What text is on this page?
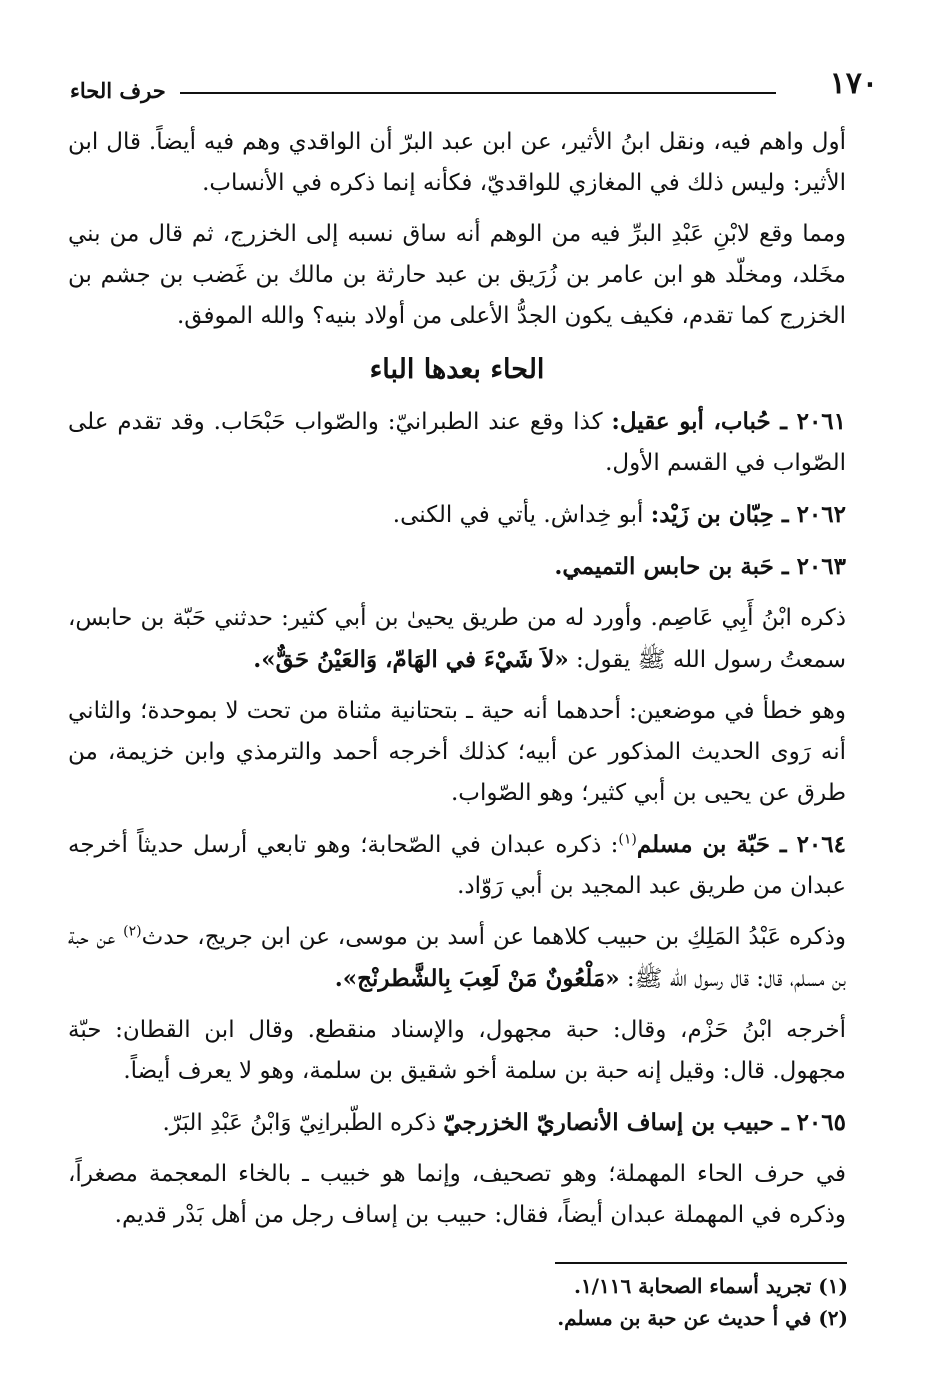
١٧٠
حرف الحاء

أول واهم فيه، ونقل ابنُ الأثير، عن ابن عبد البرّ أن الواقدي وهم فيه أيضاً. قال ابن الأثير: وليس ذلك في المغازي للواقديّ، فكأنه إنما ذكره في الأنساب.

ومما وقع لابْنِ عَبْدِ البرِّ فيه من الوهم أنه ساق نسبه إلى الخزرج، ثم قال من بني مخَلد، ومخلّد هو ابن عامر بن زُرَيق بن عبد حارثة بن مالك بن غَضب بن جشم بن الخزرج كما تقدم، فكيف يكون الجدُّ الأعلى من أولاد بنيه؟ والله الموفق.

الحاء بعدها الباء

٢٠٦١ ـ حُباب، أبو عقيل: كذا وقع عند الطبرانيّ: والصّواب حَبْحَاب. وقد تقدم على الصّواب في القسم الأول.

٢٠٦٢ ـ حِبّان بن زَيْد: أبو خِداش. يأتي في الكنى.

٢٠٦٣ ـ حَبة بن حابس التميمي.

ذكره ابْنُ أَبِي عَاصِم. وأورد له من طريق يحيىٰ بن أبي كثير: حدثني حَبّة بن حابس، سمعتُ رسول الله ﷺ يقول: «لاَ شَيْءَ في الهَامّ، وَالعَيْنُ حَقٌّ».

وهو خطأ في موضعين: أحدهما أنه حية ـ بتحتانية مثناة من تحت لا بموحدة؛ والثاني أنه رَوى الحديث المذكور عن أبيه؛ كذلك أخرجه أحمد والترمذي وابن خزيمة، من طرق عن يحيى بن أبي كثير؛ وهو الصّواب.

٢٠٦٤ ـ حَبّة بن مسلم$^{(١)}$: ذكره عبدان في الصّحابة؛ وهو تابعي أرسل حديثاً أخرجه عبدان من طريق عبد المجيد بن أبي رَوّاد.

وذكره عَبْدُ المَلِكِ بن حبيب كلاهما عن أسد بن موسى، عن ابن جريج، حدث$^{(٢)}$ عن حبة بن مسلم، قال: قال رسول الله ﷺ: «مَلْعُونٌ مَنْ لَعِبَ بِالشَّطرنْج».

أخرجه ابْنُ حَزْم، وقال: حبة مجهول، والإسناد منقطع. وقال ابن القطان: حبّة مجهول. قال: وقيل إنه حبة بن سلمة أخو شقيق بن سلمة، وهو لا يعرف أيضاً.

٢٠٦٥ ـ حبيب بن إساف الأنصاريّ الخزرجيّ ذكره الطّبرانِيّ وَابْنُ عَبْدِ البَرّ.

في حرف الحاء المهملة؛ وهو تصحيف، وإنما هو خبيب ـ بالخاء المعجمة مصغراً، وذكره في المهملة عبدان أيضاً، فقال: حبيب بن إساف رجل من أهل بَدْر قديم.

(١) تجريد أسماء الصحابة ١/١١٦.

(٢) في أ حديث عن حبة بن مسلم.
